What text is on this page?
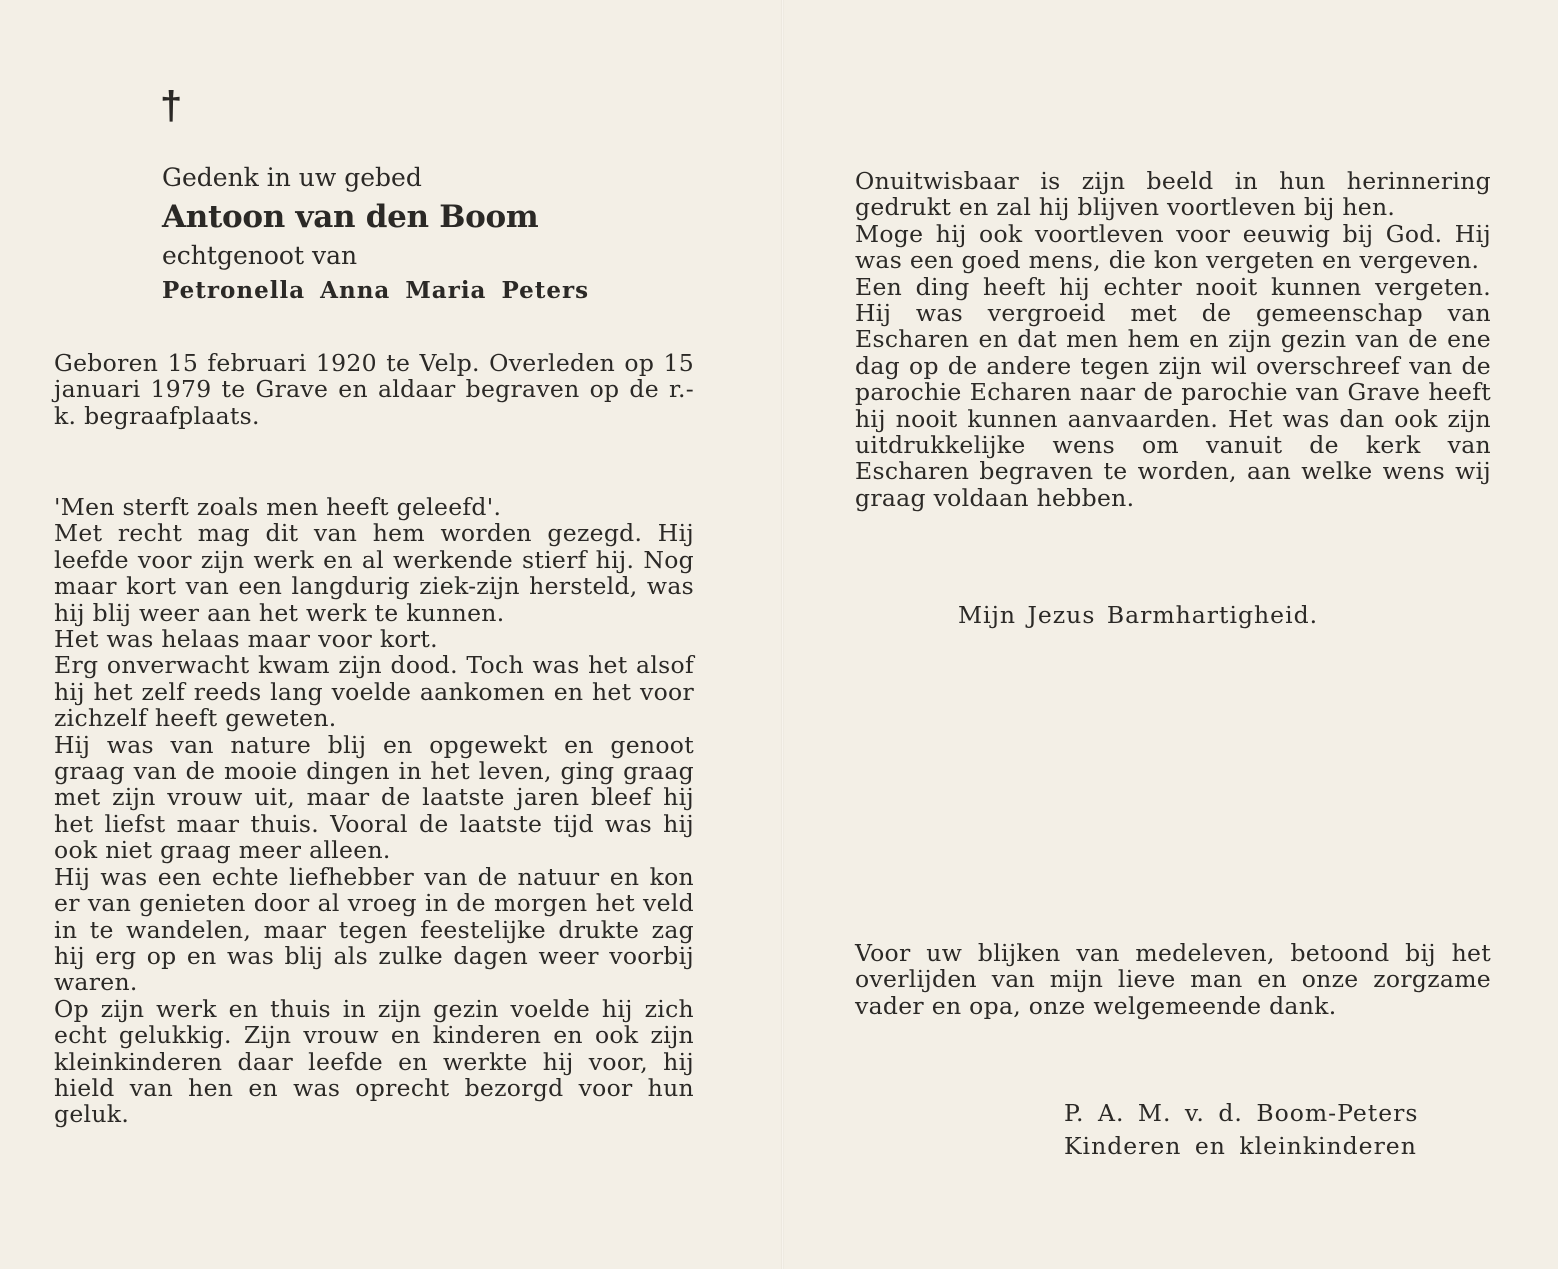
†
Gedenk in uw gebed
Antoon van den Boom
echtgenoot van
Petronella Anna Maria Peters

Geboren 15 februari 1920 te Velp. Overleden op 15 januari 1979 te Grave en aldaar begraven op de r.-k. begraafplaats.

'Men sterft zoals men heeft geleefd'.

Met recht mag dit van hem worden gezegd. Hij leefde voor zijn werk en al werkende stierf hij. Nog maar kort van een langdurig ziek-zijn hersteld, was hij blij weer aan het werk te kunnen.

Het was helaas maar voor kort.

Erg onverwacht kwam zijn dood. Toch was het alsof hij het zelf reeds lang voelde aankomen en het voor zichzelf heeft geweten.

Hij was van nature blij en opgewekt en genoot graag van de mooie dingen in het leven, ging graag met zijn vrouw uit, maar de laatste jaren bleef hij het liefst maar thuis. Vooral de laatste tijd was hij ook niet graag meer alleen.

Hij was een echte liefhebber van de natuur en kon er van genieten door al vroeg in de morgen het veld in te wandelen, maar tegen feestelijke drukte zag hij erg op en was blij als zulke dagen weer voorbij waren.

Op zijn werk en thuis in zijn gezin voelde hij zich echt gelukkig. Zijn vrouw en kinderen en ook zijn kleinkinderen daar leefde en werkte hij voor, hij hield van hen en was oprecht bezorgd voor hun geluk.

Onuitwisbaar is zijn beeld in hun herinnering gedrukt en zal hij blijven voortleven bij hen.

Moge hij ook voortleven voor eeuwig bij God. Hij was een goed mens, die kon vergeten en vergeven.

Een ding heeft hij echter nooit kunnen vergeten. Hij was vergroeid met de gemeenschap van Escharen en dat men hem en zijn gezin van de ene dag op de andere tegen zijn wil overschreef van de parochie Echaren naar de parochie van Grave heeft hij nooit kunnen aanvaarden. Het was dan ook zijn uitdrukkelijke wens om vanuit de kerk van Escharen begraven te worden, aan welke wens wij graag voldaan hebben.

Mijn Jezus Barmhartigheid.

Voor uw blijken van medeleven, betoond bij het overlijden van mijn lieve man en onze zorgzame vader en opa, onze welgemeende dank.

P. A. M. v. d. Boom-Peters
Kinderen en kleinkinderen
